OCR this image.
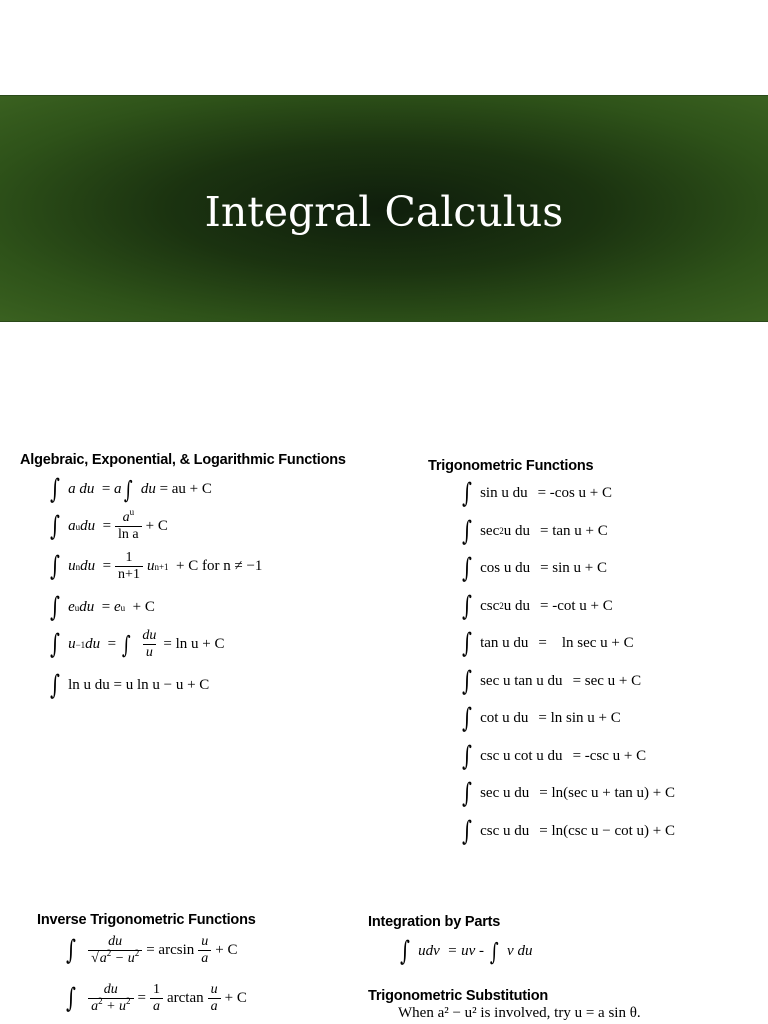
Integral Calculus
Algebraic, Exponential, & Logarithmic Functions
∫ a
du
=
a ∫
du
= au + C
∫ a u du
= $\frac{a^u}{\text{ln a}} + C$
∫ u n du
= $\frac{1}{n+1}$ u n+1
+ C for n ≠ −1
∫ e u du
=
e u
+ C
∫ u −1 du
=
∫ $\frac{du}{u} = \ln u + C$
∫ ln u du = u ln u − u + C
Trigonometric Functions
∫ sin u du = -cos u + C
∫ sec 2 u du = tan u + C
∫ cos u du = sin u + C
∫ csc 2 u du = -cot u + C
∫ tan u du =    ln sec u + C
∫ sec u tan u du = sec u + C
∫ cot u du = ln sin u + C
∫ csc u cot u du = -csc u + C
∫ sec u du = ln(sec u + tan u) + C
∫ csc u du = ln(csc u − cot u) + C
Inverse Trigonometric Functions
∫ $\frac{du}{√a^2 - u^2} = \arcsin \frac{u}{a} + C$
∫ $\frac{du}{a^2 + u^2} = \frac{1}{a}$ $\arctan \frac{u}{a} + C$
Integration by Parts
∫ udv
= uv -
∫
v du
Trigonometric Substitution
When a² − u² is involved, try u = a sin θ.
